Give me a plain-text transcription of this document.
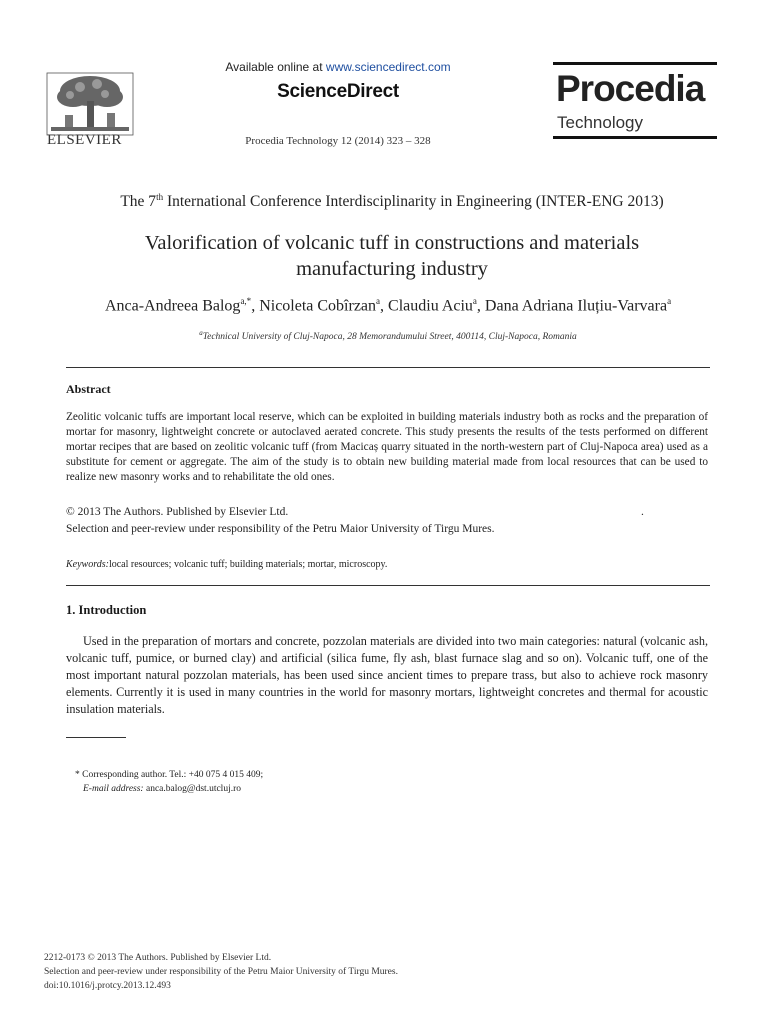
ELSEVIER
Available online at www.sciencedirect.com
ScienceDirect
Procedia Technology 12 (2014) 323 – 328
Procedia
Technology
The 7th International Conference Interdisciplinarity in Engineering (INTER-ENG 2013)
Valorification of volcanic tuff in constructions and materials
manufacturing industry
Anca-Andreea Balog$^{a,*}$, Nicoleta Cobîrzan$^a$, Claudiu Aciu$^a$, Dana Adriana Iluțiu-Varvara$^a$
$^a$Technical University of Cluj-Napoca, 28 Memorandumului Street, 400114, Cluj-Napoca, Romania
Abstract
Zeolitic volcanic tuffs are important local reserve, which can be exploited in building materials industry both as rocks and the preparation of mortar for masonry, lightweight concrete or autoclaved aerated concrete. This study presents the results of the tests performed on different mortar recipes that are based on zeolitic volcanic tuff (from Macicaș quarry situated in the north-western part of Cluj-Napoca area) used as a substitute for cement or aggregate. The aim of the study is to obtain new building material made from local resources that can be used to realize new masonry works and to rehabilitate the old ones.
© 2013 The Authors. Published by Elsevier Ltd.	.
Selection and peer-review under responsibility of the Petru Maior University of Tirgu Mures.
Keywords:local resources; volcanic tuff; building materials; mortar, microscopy.
1. Introduction
Used in the preparation of mortars and concrete, pozzolan materials are divided into two main categories: natural (volcanic ash, volcanic tuff, pumice, or burned clay) and artificial (silica fume, fly ash, blast furnace slag and so on). Volcanic tuff, one of the most important natural pozzolan materials, has been used since ancient times to prepare trass, but also to achieve rock masonry elements. Currently it is used in many countries in the world for masonry mortars, lightweight concretes and thermal for acoustic insulation materials.
* Corresponding author. Tel.: +40 075 4 015 409;
E-mail address: anca.balog@dst.utcluj.ro
2212-0173 © 2013 The Authors. Published by Elsevier Ltd.
Selection and peer-review under responsibility of the Petru Maior University of Tirgu Mures.
doi:10.1016/j.protcy.2013.12.493
